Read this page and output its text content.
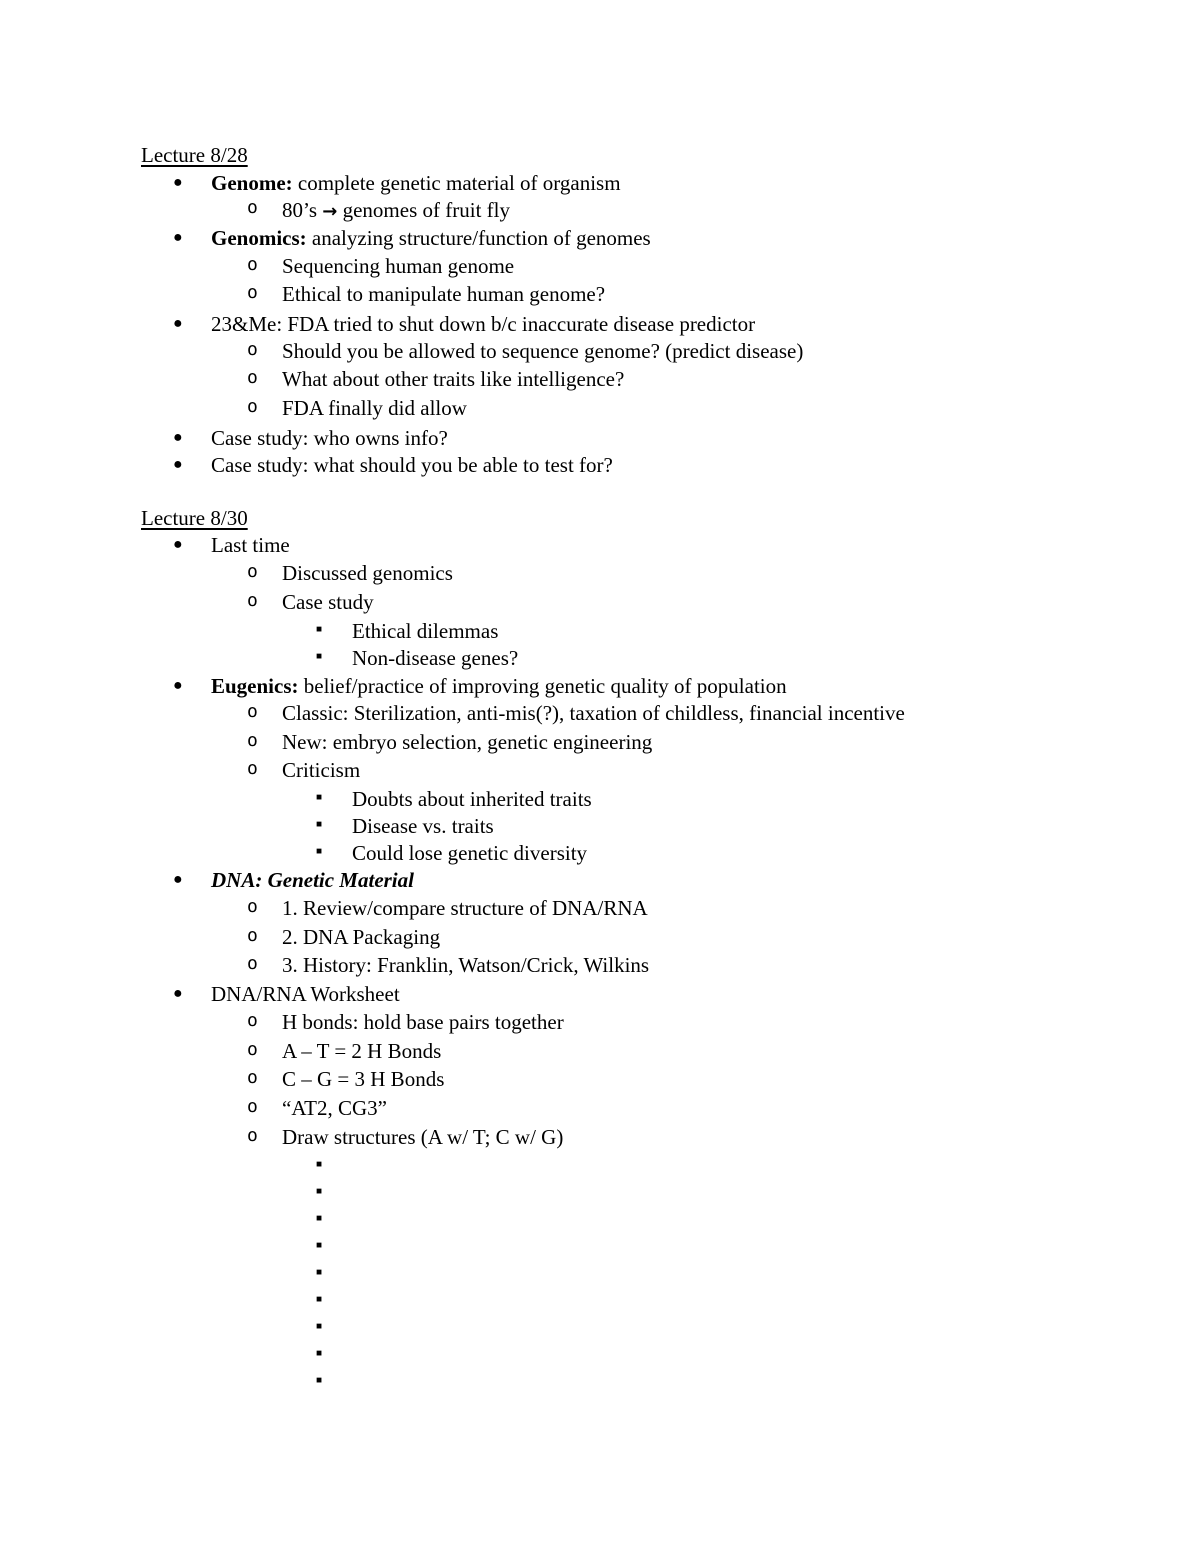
Lecture 8/28
● Genome: complete genetic material of organism
o 80’s → genomes of fruit fly
● Genomics: analyzing structure/function of genomes
o Sequencing human genome
o Ethical to manipulate human genome?
● 23&Me: FDA tried to shut down b/c inaccurate disease predictor
o Should you be allowed to sequence genome? (predict disease)
o What about other traits like intelligence?
o FDA finally did allow
● Case study: who owns info?
● Case study: what should you be able to test for?
Lecture 8/30
● Last time
o Discussed genomics
o Case study
■ Ethical dilemmas
■ Non-disease genes?
● Eugenics: belief/practice of improving genetic quality of population
o Classic: Sterilization, anti-mis(?), taxation of childless, financial incentive
o New: embryo selection, genetic engineering
o Criticism
■ Doubts about inherited traits
■ Disease vs. traits
■ Could lose genetic diversity
● DNA: Genetic Material
o 1. Review/compare structure of DNA/RNA
o 2. DNA Packaging
o 3. History: Franklin, Watson/Crick, Wilkins
● DNA/RNA Worksheet
o H bonds: hold base pairs together
o A – T = 2 H Bonds
o C – G = 3 H Bonds
o “AT2, CG3”
o Draw structures (A w/ T; C w/ G)
■
■
■
■
■
■
■
■
■
